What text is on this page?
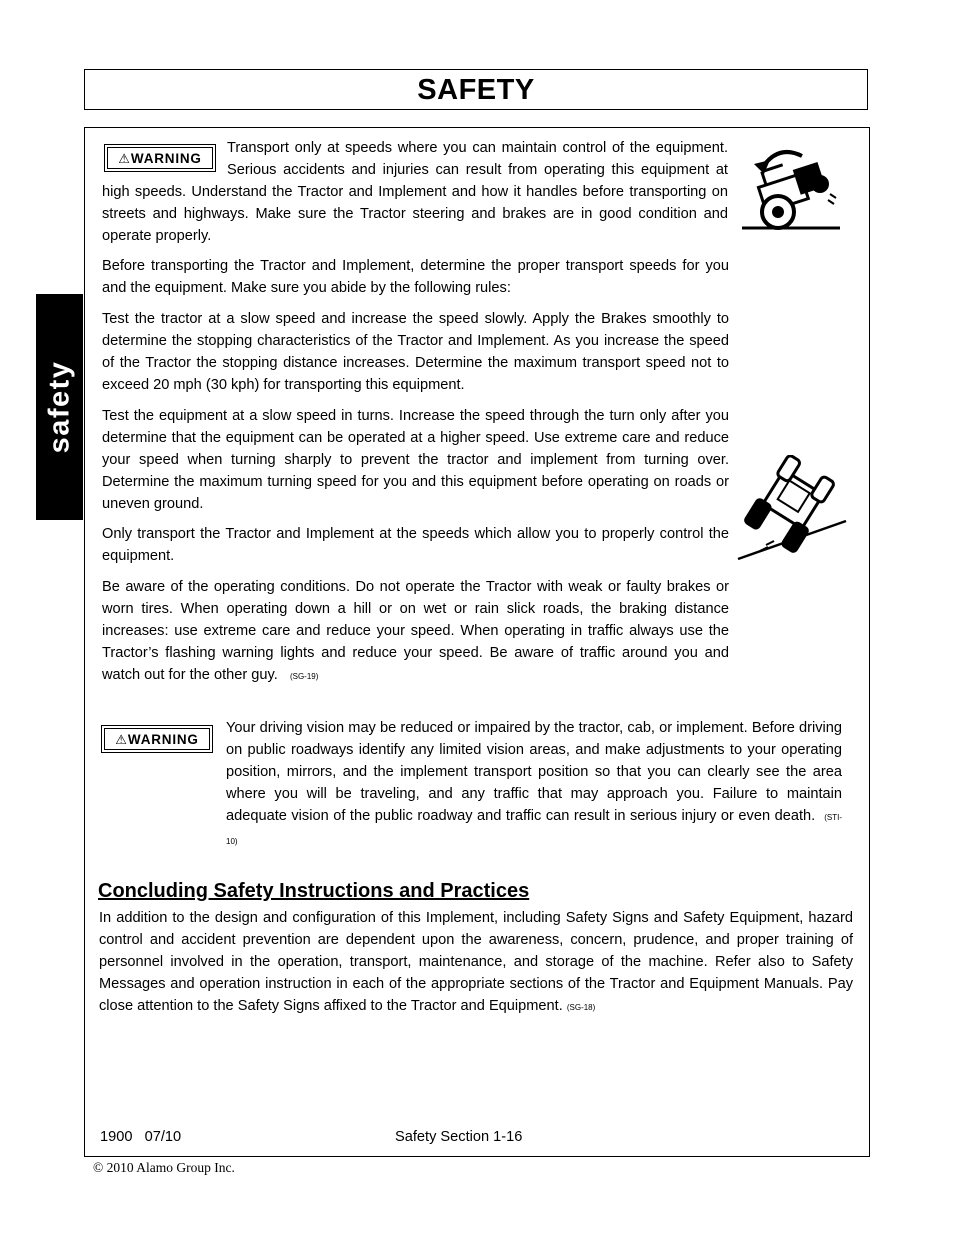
SAFETY
safety
⚠ WARNING

Transport only at speeds where you can maintain control of the equipment. Serious accidents and injuries can result from operating this equipment at high speeds. Understand the Tractor and Implement and how it handles before transporting on streets and highways. Make sure the Tractor steering and brakes are in good condition and operate properly.

Before transporting the Tractor and Implement, determine the proper transport speeds for you and the equipment. Make sure you abide by the following rules:

Test the tractor at a slow speed and increase the speed slowly. Apply the Brakes smoothly to determine the stopping characteristics of the Tractor and Implement. As you increase the speed of the Tractor the stopping distance increases. Determine the maximum transport speed not to exceed 20 mph (30 kph) for transporting this equipment.

Test the equipment at a slow speed in turns. Increase the speed through the turn only after you determine that the equipment can be operated at a higher speed. Use extreme care and reduce your speed when turning sharply to prevent the tractor and implement from turning over. Determine the maximum turning speed for you and this equipment before operating on roads or uneven ground.

Only transport the Tractor and Implement at the speeds which allow you to properly control the equipment.

Be aware of the operating conditions. Do not operate the Tractor with weak or faulty brakes or worn tires. When operating down a hill or on wet or rain slick roads, the braking distance increases: use extreme care and reduce your speed. When operating in traffic always use the Tractor’s flashing warning lights and reduce your speed. Be aware of traffic around you and watch out for the other guy. (SG-19)

⚠ WARNING

Your driving vision may be reduced or impaired by the tractor, cab, or implement. Before driving on public roadways identify any limited vision areas, and make adjustments to your operating position, mirrors, and the implement transport position so that you can clearly see the area where you will be traveling, and any traffic that may approach you. Failure to maintain adequate vision of the public roadway and traffic can result in serious injury or even death. (STI-10)

Concluding Safety Instructions and Practices

In addition to the design and configuration of this Implement, including Safety Signs and Safety Equipment, hazard control and accident prevention are dependent upon the awareness, concern, prudence, and proper training of personnel involved in the operation, transport, maintenance, and storage of the machine. Refer also to Safety Messages and operation instruction in each of the appropriate sections of the Tractor and Equipment Manuals. Pay close attention to the Safety Signs affixed to the Tractor and Equipment. (SG-18)

1900   07/10	Safety Section 1-16
© 2010 Alamo Group Inc.
